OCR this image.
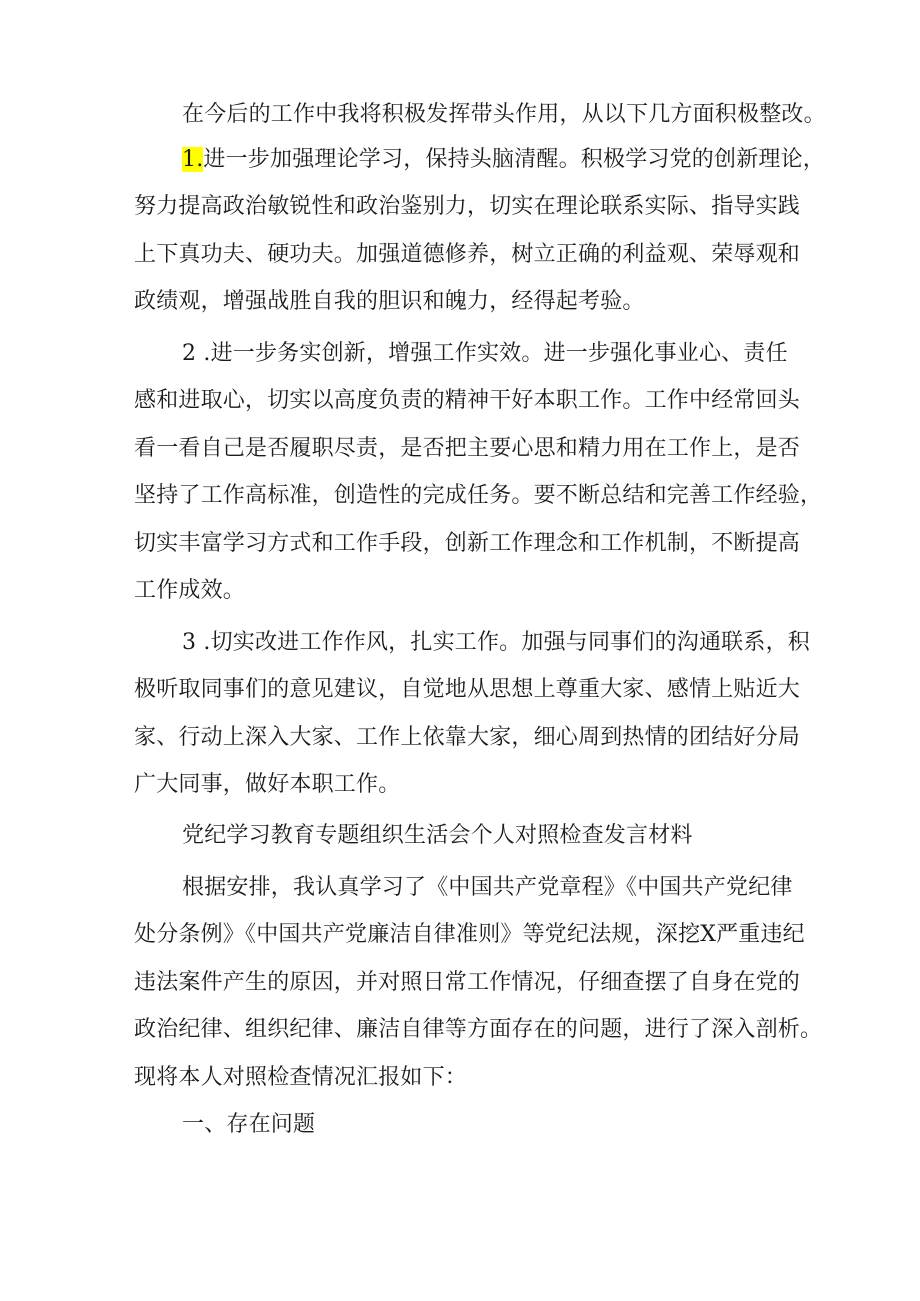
在今后的工作中我将积极发挥带头作用，从以下几方面积极整改。
1.进一步加强理论学习，保持头脑清醒。积极学习党的创新理论，
努力提高政治敏锐性和政治鉴别力，切实在理论联系实际、指导实践
上下真功夫、硬功夫。加强道德修养，树立正确的利益观、荣辱观和
政绩观，增强战胜自我的胆识和魄力，经得起考验。
2 .进一步务实创新，增强工作实效。进一步强化事业心、责任
感和进取心，切实以高度负责的精神干好本职工作。工作中经常回头
看一看自己是否履职尽责，是否把主要心思和精力用在工作上，是否
坚持了工作高标准，创造性的完成任务。要不断总结和完善工作经验，
切实丰富学习方式和工作手段，创新工作理念和工作机制，不断提高
工作成效。
3 .切实改进工作作风，扎实工作。加强与同事们的沟通联系，积
极听取同事们的意见建议，自觉地从思想上尊重大家、感情上贴近大
家、行动上深入大家、工作上依靠大家，细心周到热情的团结好分局
广大同事，做好本职工作。
党纪学习教育专题组织生活会个人对照检查发言材料
根据安排，我认真学习了《中国共产党章程》《中国共产党纪律
处分条例》《中国共产党廉洁自律准则》等党纪法规，深挖X严重违纪
违法案件产生的原因，并对照日常工作情况，仔细查摆了自身在党的
政治纪律、组织纪律、廉洁自律等方面存在的问题，进行了深入剖析。
现将本人对照检查情况汇报如下：
一、存在问题
